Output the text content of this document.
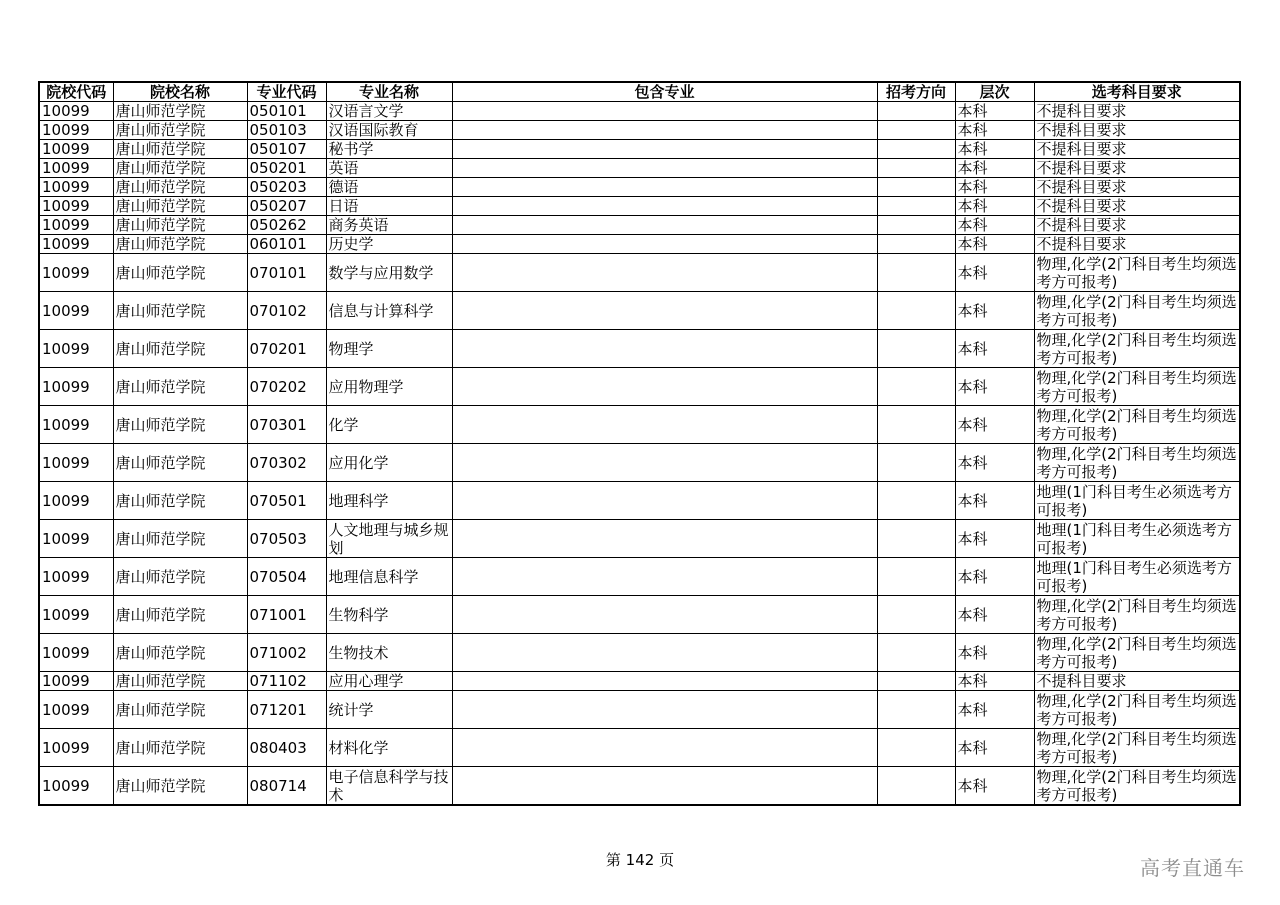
院校代码	院校名称	专业代码	专业名称	包含专业	招考方向	层次	选考科目要求
10099	唐山师范学院	050101	汉语言文学			本科	不提科目要求
10099	唐山师范学院	050103	汉语国际教育			本科	不提科目要求
10099	唐山师范学院	050107	秘书学			本科	不提科目要求
10099	唐山师范学院	050201	英语			本科	不提科目要求
10099	唐山师范学院	050203	德语			本科	不提科目要求
10099	唐山师范学院	050207	日语			本科	不提科目要求
10099	唐山师范学院	050262	商务英语			本科	不提科目要求
10099	唐山师范学院	060101	历史学			本科	不提科目要求
10099	唐山师范学院	070101	数学与应用数学			本科	物理,化学(2门科目考生均须选考方可报考)
10099	唐山师范学院	070102	信息与计算科学			本科	物理,化学(2门科目考生均须选考方可报考)
10099	唐山师范学院	070201	物理学			本科	物理,化学(2门科目考生均须选考方可报考)
10099	唐山师范学院	070202	应用物理学			本科	物理,化学(2门科目考生均须选考方可报考)
10099	唐山师范学院	070301	化学			本科	物理,化学(2门科目考生均须选考方可报考)
10099	唐山师范学院	070302	应用化学			本科	物理,化学(2门科目考生均须选考方可报考)
10099	唐山师范学院	070501	地理科学			本科	地理(1门科目考生必须选考方可报考)
10099	唐山师范学院	070503	人文地理与城乡规划			本科	地理(1门科目考生必须选考方可报考)
10099	唐山师范学院	070504	地理信息科学			本科	地理(1门科目考生必须选考方可报考)
10099	唐山师范学院	071001	生物科学			本科	物理,化学(2门科目考生均须选考方可报考)
10099	唐山师范学院	071002	生物技术			本科	物理,化学(2门科目考生均须选考方可报考)
10099	唐山师范学院	071102	应用心理学			本科	不提科目要求
10099	唐山师范学院	071201	统计学			本科	物理,化学(2门科目考生均须选考方可报考)
10099	唐山师范学院	080403	材料化学			本科	物理,化学(2门科目考生均须选考方可报考)
10099	唐山师范学院	080714	电子信息科学与技术			本科	物理,化学(2门科目考生均须选考方可报考)
第 142 页	高考直通车
